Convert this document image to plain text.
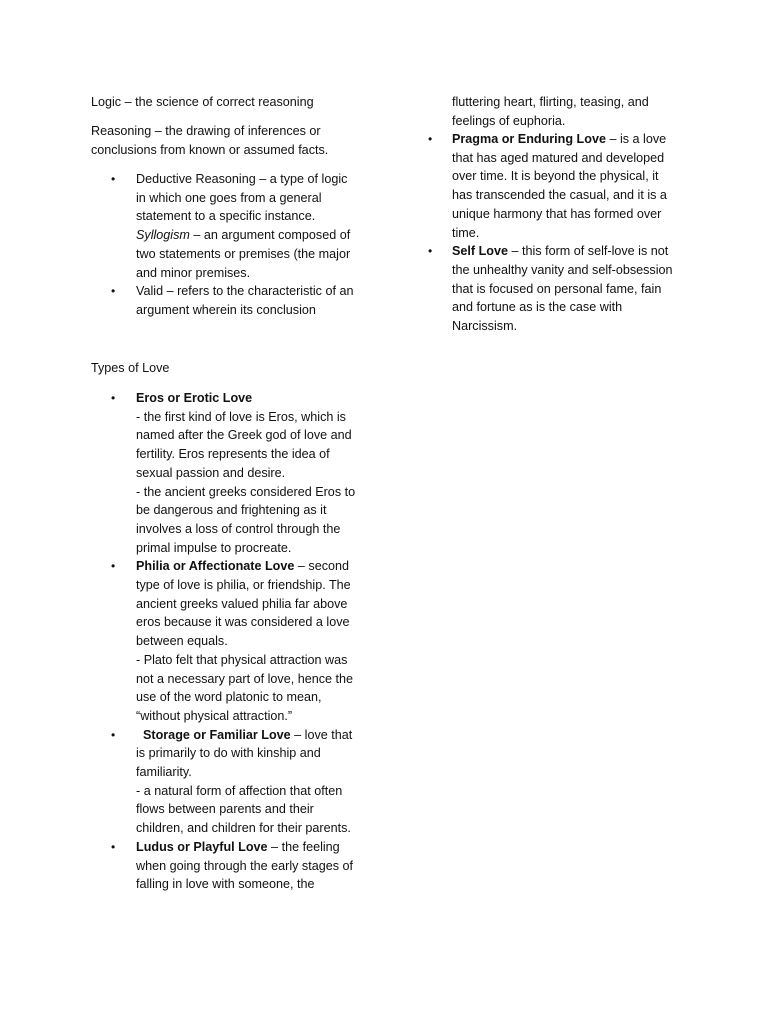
Logic – the science of correct reasoning

Reasoning – the drawing of inferences or conclusions from known or assumed facts.

• Deductive Reasoning – a type of logic in which one goes from a general statement to a specific instance.
Syllogism – an argument composed of two statements or premises (the major and minor premises.
• Valid – refers to the characteristic of an argument wherein its conclusion

Types of Love

• Eros or Erotic Love
- the first kind of love is Eros, which is named after the Greek god of love and fertility. Eros represents the idea of sexual passion and desire.
- the ancient greeks considered Eros to be dangerous and frightening as it involves a loss of control through the primal impulse to procreate.
• Philia or Affectionate Love – second type of love is philia, or friendship. The ancient greeks valued philia far above eros because it was considered a love between equals.
- Plato felt that physical attraction was not a necessary part of love, hence the use of the word platonic to mean, “without physical attraction.”
• Storage or Familiar Love – love that is primarily to do with kinship and familiarity.
- a natural form of affection that often flows between parents and their children, and children for their parents.
• Ludus or Playful Love – the feeling when going through the early stages of falling in love with someone, the

fluttering heart, flirting, teasing, and feelings of euphoria.

• Pragma or Enduring Love – is a love that has aged matured and developed over time. It is beyond the physical, it has transcended the casual, and it is a unique harmony that has formed over time.
• Self Love – this form of self-love is not the unhealthy vanity and self-obsession that is focused on personal fame, fain and fortune as is the case with Narcissism.
